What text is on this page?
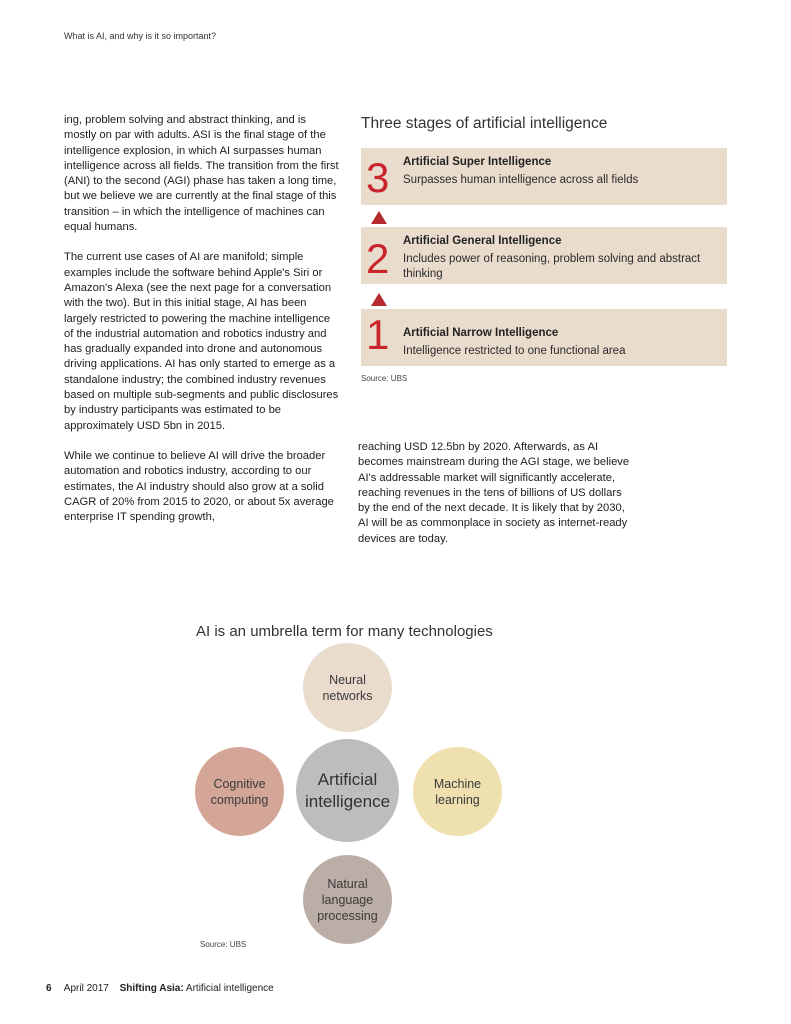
What is AI, and why is it so important?

ing, problem solving and abstract thinking, and is mostly on par with adults. ASI is the final stage of the intelligence explosion, in which AI surpasses human intelligence across all fields. The transition from the first (ANI) to the second (AGI) phase has taken a long time, but we believe we are currently at the final stage of this transition – in which the intelligence of machines can equal humans.

The current use cases of AI are manifold; simple examples include the software behind Apple's Siri or Amazon's Alexa (see the next page for a conversation with the two). But in this initial stage, AI has been largely restricted to powering the machine intelligence of the industrial automation and robotics industry and has gradually expanded into drone and autonomous driving applications. AI has only started to emerge as a standalone industry; the combined industry revenues based on multiple sub-segments and public disclosures by industry participants was estimated to be approximately USD 5bn in 2015.

While we continue to believe AI will drive the broader automation and robotics industry, according to our estimates, the AI industry should also grow at a solid CAGR of 20% from 2015 to 2020, or about 5x average enterprise IT spending growth,

Three stages of artificial intelligence
3 Artificial Super Intelligence
Surpasses human intelligence across all fields
2 Artificial General Intelligence
Includes power of reasoning, problem solving and abstract thinking
1 Artificial Narrow Intelligence
Intelligence restricted to one functional area
Source: UBS
reaching USD 12.5bn by 2020. Afterwards, as AI becomes mainstream during the AGI stage, we believe AI's addressable market will significantly accelerate, reaching revenues in the tens of billions of US dollars by the end of the next decade. It is likely that by 2030, AI will be as commonplace in society as internet-ready devices are today.
AI is an umbrella term for many technologies
Neural networks
Cognitive computing
Artificial intelligence
Machine learning
Natural language processing
Source: UBS
6 April 2017 Shifting Asia: Artificial intelligence
